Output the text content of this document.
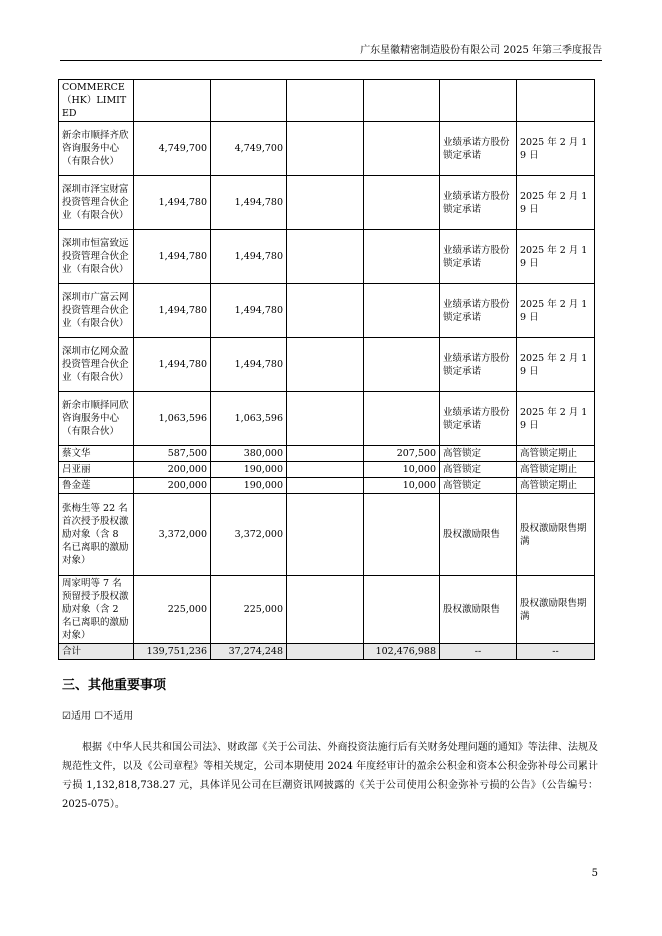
广东星徽精密制造股份有限公司 2025 年第三季度报告
COMMERCE（HK）LIMITED						
新余市顺择齐欣咨询服务中心（有限合伙）	4,749,700	4,749,700			业绩承诺方股份锁定承诺	2025 年 2 月 19 日
深圳市泽宝财富投资管理合伙企业（有限合伙）	1,494,780	1,494,780			业绩承诺方股份锁定承诺	2025 年 2 月 19 日
深圳市恒富致远投资管理合伙企业（有限合伙）	1,494,780	1,494,780			业绩承诺方股份锁定承诺	2025 年 2 月 19 日
深圳市广富云网投资管理合伙企业（有限合伙）	1,494,780	1,494,780			业绩承诺方股份锁定承诺	2025 年 2 月 19 日
深圳市亿网众盈投资管理合伙企业（有限合伙）	1,494,780	1,494,780			业绩承诺方股份锁定承诺	2025 年 2 月 19 日
新余市顺择同欣咨询服务中心（有限合伙）	1,063,596	1,063,596			业绩承诺方股份锁定承诺	2025 年 2 月 19 日
蔡文华	587,500	380,000		207,500	高管锁定	高管锁定期止
吕亚丽	200,000	190,000		10,000	高管锁定	高管锁定期止
鲁金莲	200,000	190,000		10,000	高管锁定	高管锁定期止
张梅生等 22 名首次授予股权激励对象（含 8 名已离职的激励对象）	3,372,000	3,372,000			股权激励限售	股权激励限售期满
周家明等 7 名预留授予股权激励对象（含 2 名已离职的激励对象）	225,000	225,000			股权激励限售	股权激励限售期满
合计	139,751,236	37,274,248		102,476,988	--	--
三、其他重要事项
☑适用 ☐不适用
根据《中华人民共和国公司法》、财政部《关于公司法、外商投资法施行后有关财务处理问题的通知》等法律、法规及规范性文件，以及《公司章程》等相关规定，公司本期使用 2024 年度经审计的盈余公积金和资本公积金弥补母公司累计亏损 1,132,818,738.27 元，具体详见公司在巨潮资讯网披露的《关于公司使用公积金弥补亏损的公告》（公告编号：2025-075）。
5
